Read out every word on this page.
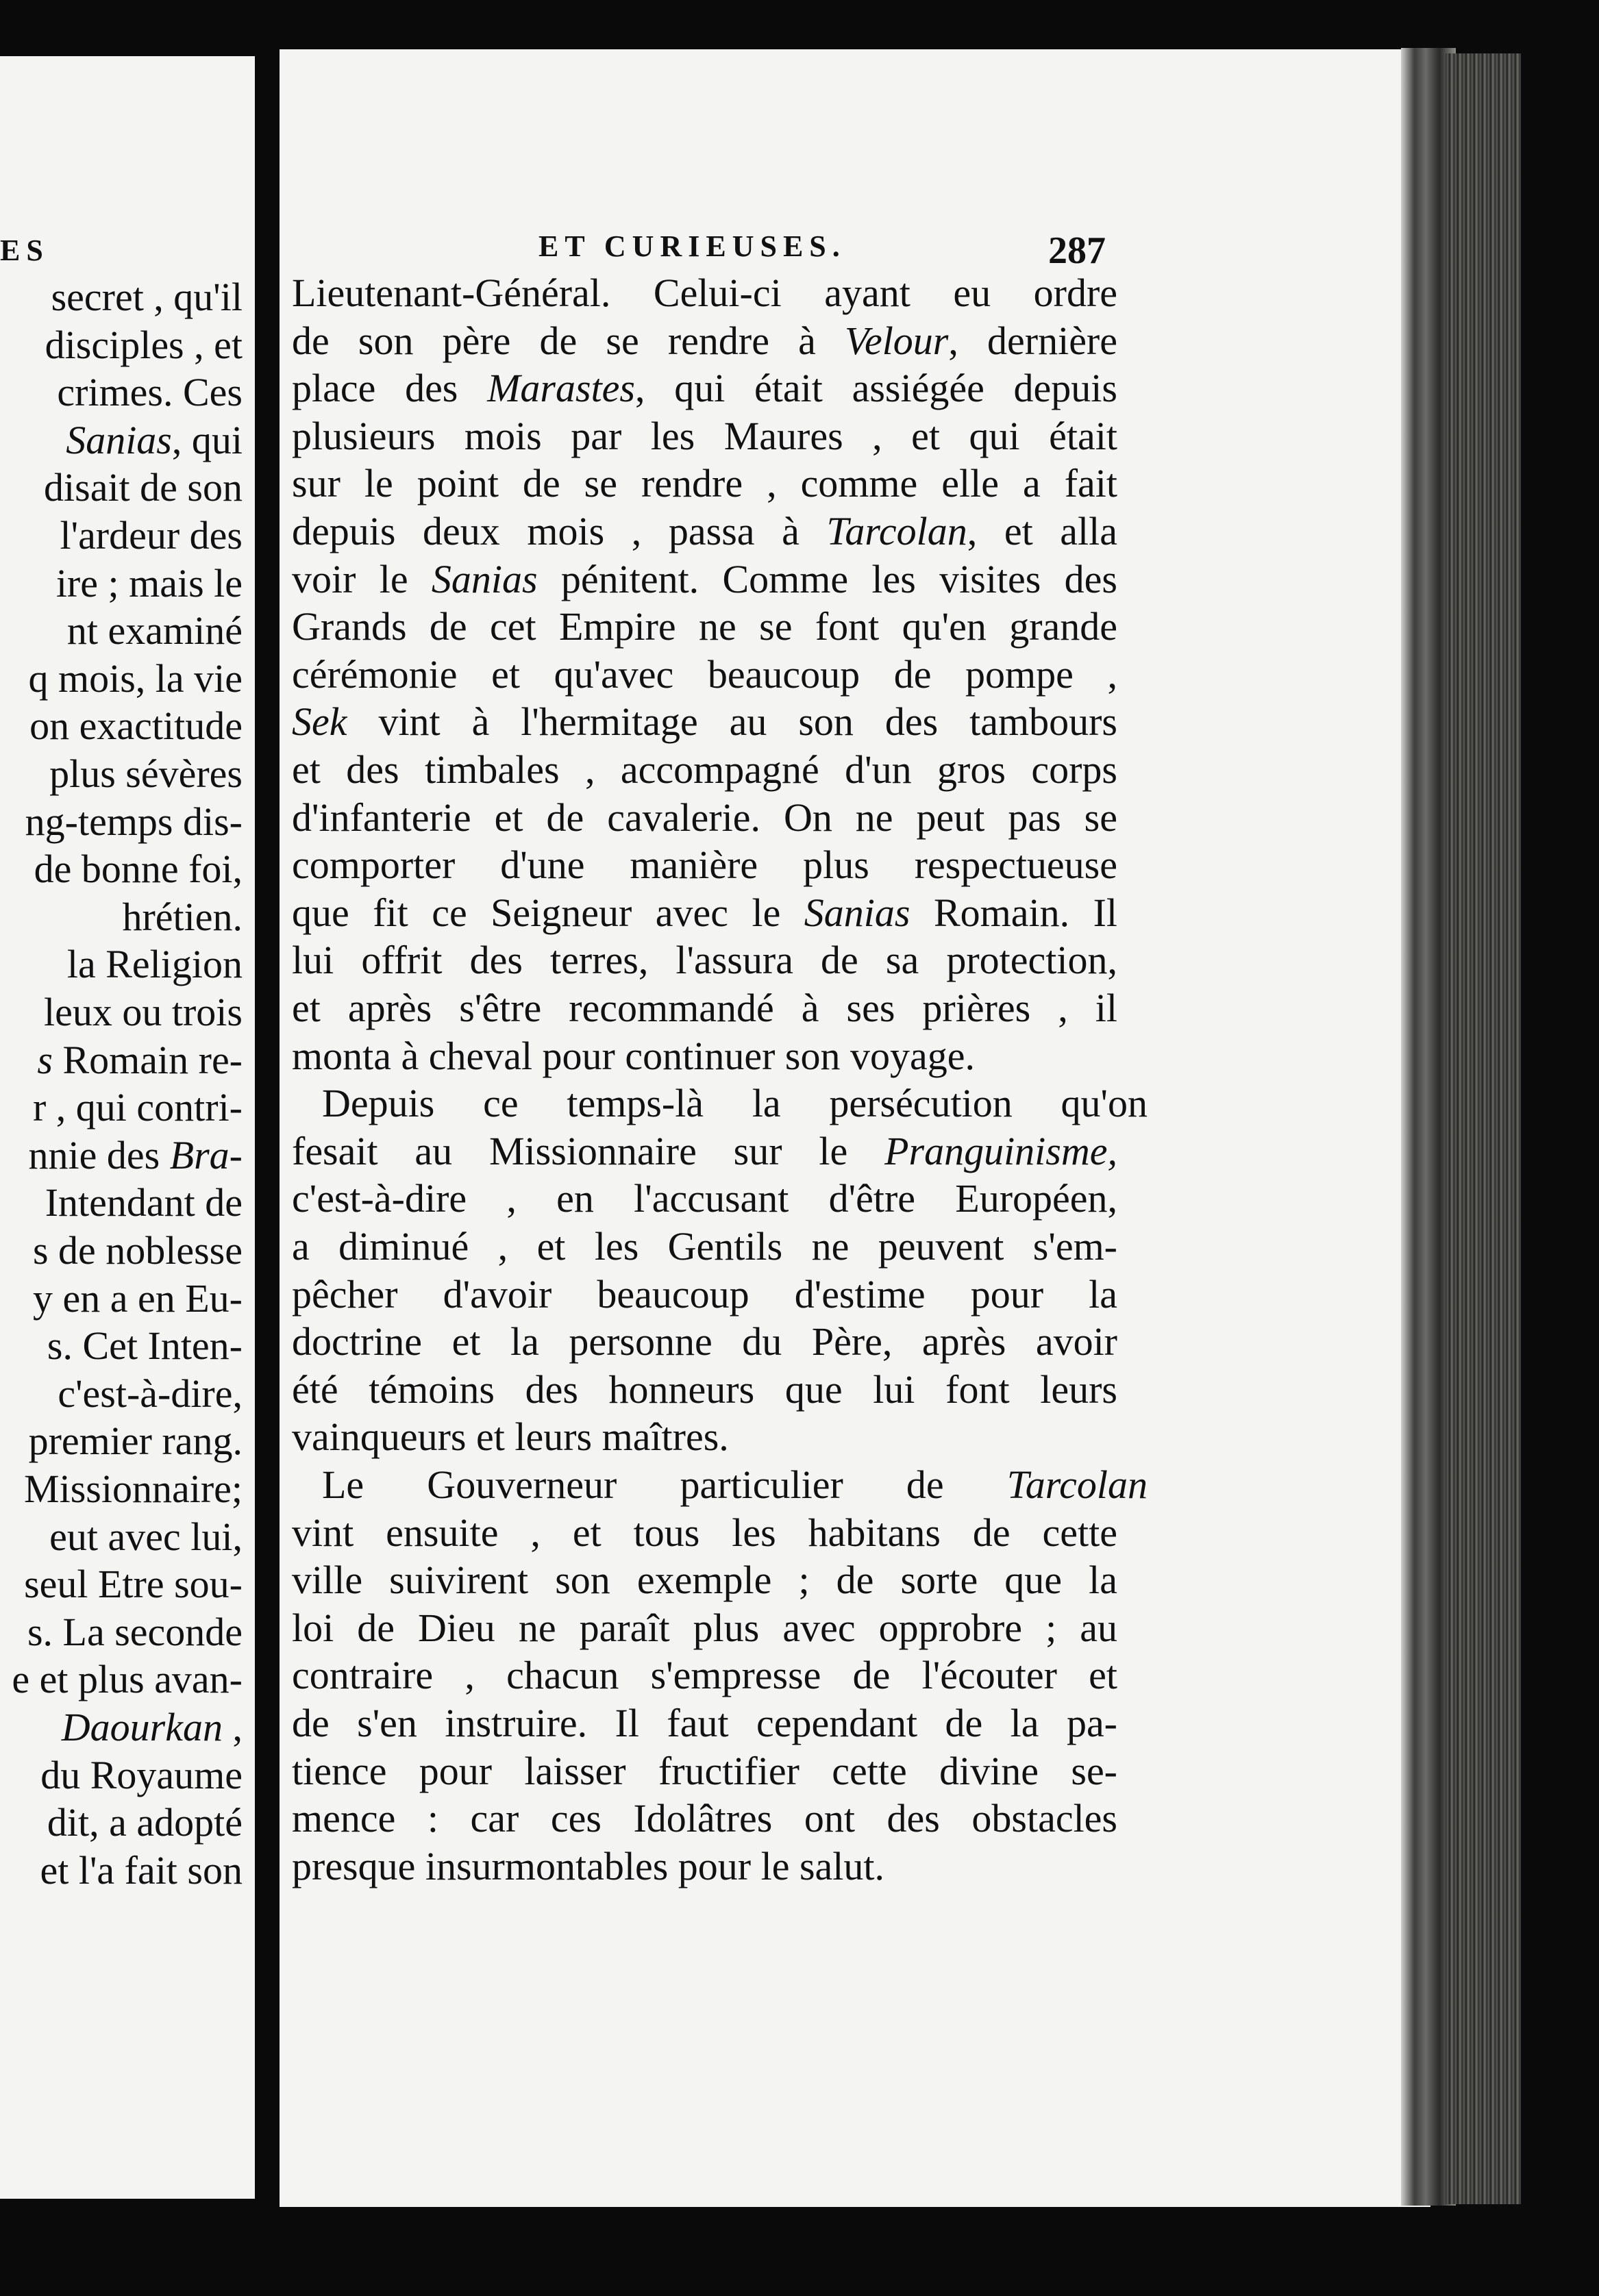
ES
secret , qu'il
disciples , et
crimes. Ces
Sanias, qui
disait de son
l'ardeur des
ire ; mais le
nt examiné
q mois, la vie
on exactitude
plus sévères
ng-temps dis-
de bonne foi,
hrétien.
la Religion
leux ou trois
s Romain re-
r , qui contri-
nnie des Bra-
Intendant de
s de noblesse
y en a en Eu-
s. Cet Inten-
c'est-à-dire,
premier rang.
Missionnaire;
eut avec lui,
seul Etre sou-
s. La seconde
e et plus avan-
Daourkan ,
du Royaume
dit, a adopté
et l'a fait son
ET CURIEUSES.	287
Lieutenant-Général. Celui-ci ayant eu ordre
de son père de se rendre à Velour, dernière
place des Marastes, qui était assiégée depuis
plusieurs mois par les Maures , et qui était
sur le point de se rendre , comme elle a fait
depuis deux mois , passa à Tarcolan, et alla
voir le Sanias pénitent. Comme les visites des
Grands de cet Empire ne se font qu'en grande
cérémonie et qu'avec beaucoup de pompe ,
Sek vint à l'hermitage au son des tambours
et des timbales , accompagné d'un gros corps
d'infanterie et de cavalerie. On ne peut pas se
comporter d'une manière plus respectueuse
que fit ce Seigneur avec le Sanias Romain. Il
lui offrit des terres, l'assura de sa protection,
et après s'être recommandé à ses prières , il
monta à cheval pour continuer son voyage.
Depuis ce temps-là la persécution qu'on
fesait au Missionnaire sur le Pranguinisme,
c'est-à-dire , en l'accusant d'être Européen,
a diminué , et les Gentils ne peuvent s'em-
pêcher d'avoir beaucoup d'estime pour la
doctrine et la personne du Père, après avoir
été témoins des honneurs que lui font leurs
vainqueurs et leurs maîtres.
Le Gouverneur particulier de Tarcolan
vint ensuite , et tous les habitans de cette
ville suivirent son exemple ; de sorte que la
loi de Dieu ne paraît plus avec opprobre ; au
contraire , chacun s'empresse de l'écouter et
de s'en instruire. Il faut cependant de la pa-
tience pour laisser fructifier cette divine se-
mence : car ces Idolâtres ont des obstacles
presque insurmontables pour le salut.
